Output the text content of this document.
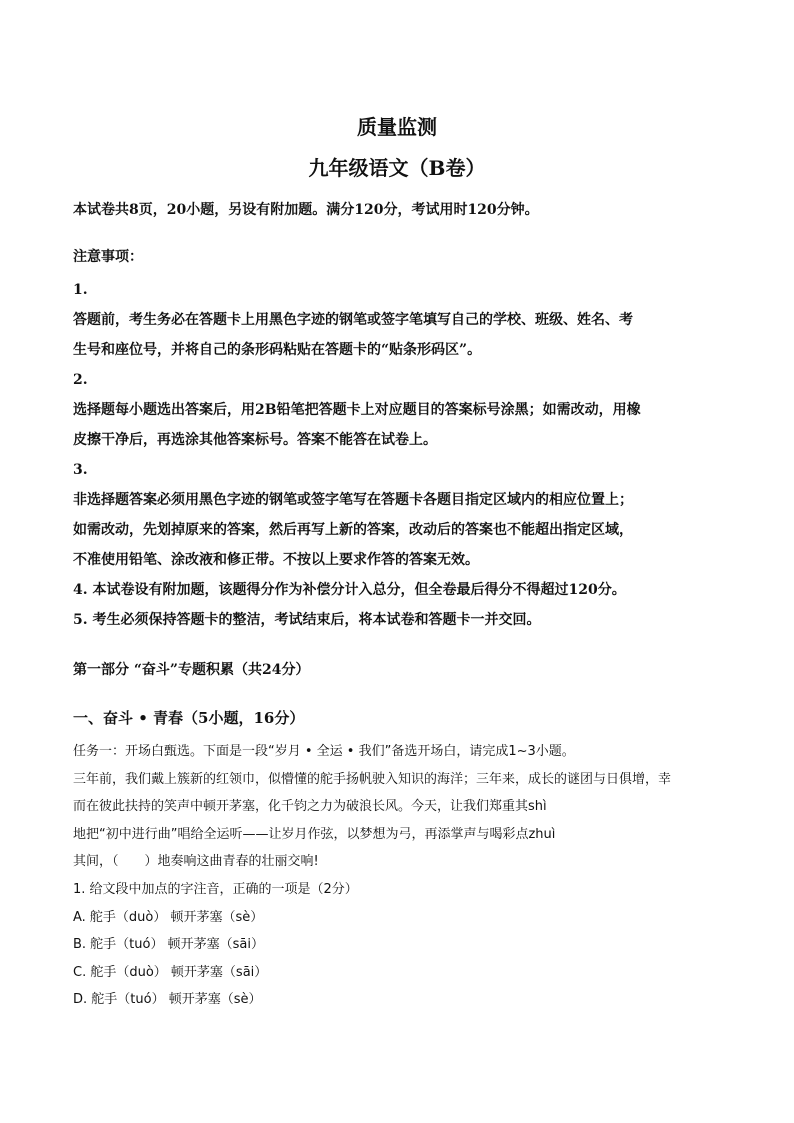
质量监测
九年级语文（B卷）
本试卷共8页，20小题，另设有附加题。满分120分，考试用时120分钟。
注意事项：
1.
答题前，考生务必在答题卡上用黑色字迹的钢笔或签字笔填写自己的学校、班级、姓名、考
生号和座位号，并将自己的条形码粘贴在答题卡的“贴条形码区”。
2.
选择题每小题选出答案后，用2B铅笔把答题卡上对应题目的答案标号涂黑；如需改动，用橡
皮擦干净后，再选涂其他答案标号。答案不能答在试卷上。
3.
非选择题答案必须用黑色字迹的钢笔或签字笔写在答题卡各题目指定区域内的相应位置上；
如需改动，先划掉原来的答案，然后再写上新的答案，改动后的答案也不能超出指定区域，
不准使用铅笔、涂改液和修正带。不按以上要求作答的答案无效。
4. 本试卷设有附加题，该题得分作为补偿分计入总分，但全卷最后得分不得超过120分。
5. 考生必须保持答题卡的整洁，考试结束后，将本试卷和答题卡一并交回。
第一部分 “奋斗”专题积累（共24分）
一、奋斗 • 青春（5小题，16分）
任务一：开场白甄选。下面是一段“岁月 • 全运 • 我们”备选开场白，请完成1~3小题。
三年前，我们戴上簇新的红领巾，似懵懂的舵手扬帆驶入知识的海洋；三年来，成长的谜团与日俱增，幸
而在彼此扶持的笑声中顿开茅塞，化千钧之力为破浪长风。今天，让我们郑重其shì
地把“初中进行曲”唱给全运听——让岁月作弦，以梦想为弓，再添掌声与喝彩点zhuì
其间，（　　）地奏响这曲青春的壮丽交响!
1. 给文段中加点的字注音，正确的一项是（2分）
A. 舵手（duò） 顿开茅塞（sè）
B. 舵手（tuó） 顿开茅塞（sāi）
C. 舵手（duò） 顿开茅塞（sāi）
D. 舵手（tuó） 顿开茅塞（sè）
